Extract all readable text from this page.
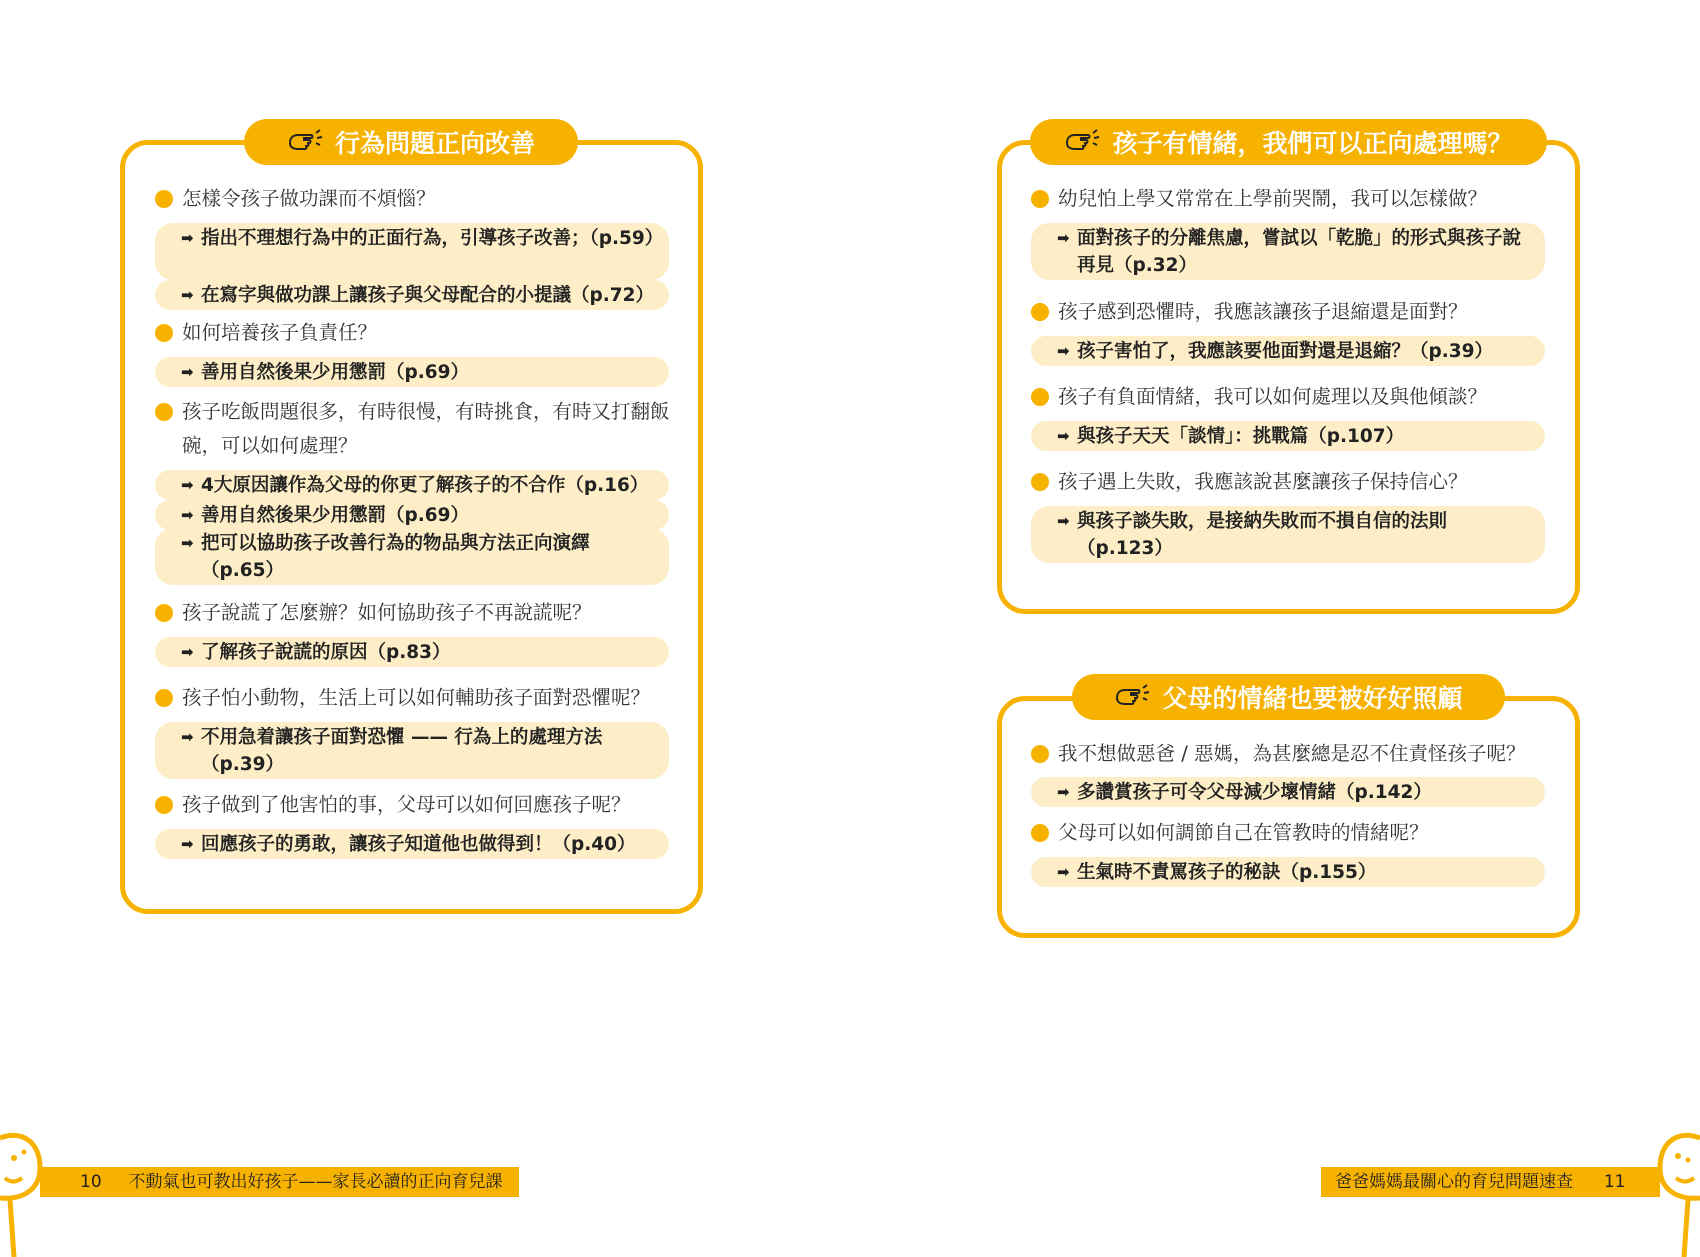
行為問題正向改善
怎樣令孩子做功課而不煩惱？
➡ 指出不理想行為中的正面行為，引導孩子改善；（p.59）
➡ 在寫字與做功課上讓孩子與父母配合的小提議（p.72）
如何培養孩子負責任？
➡ 善用自然後果少用懲罰（p.69）
孩子吃飯問題很多，有時很慢，有時挑食，有時又打翻飯碗，可以如何處理？
➡ 4大原因讓作為父母的你更了解孩子的不合作（p.16）
➡ 善用自然後果少用懲罰（p.69）
➡ 把可以協助孩子改善行為的物品與方法正向演繹（p.65）
孩子說謊了怎麼辦？如何協助孩子不再說謊呢？
➡ 了解孩子說謊的原因（p.83）
孩子怕小動物，生活上可以如何輔助孩子面對恐懼呢？
➡ 不用急着讓孩子面對恐懼 —— 行為上的處理方法（p.39）
孩子做到了他害怕的事，父母可以如何回應孩子呢？
➡ 回應孩子的勇敢，讓孩子知道他也做得到！（p.40）
孩子有情緒，我們可以正向處理嗎？
幼兒怕上學又常常在上學前哭鬧，我可以怎樣做？
➡ 面對孩子的分離焦慮，嘗試以「乾脆」的形式與孩子說再見（p.32）
孩子感到恐懼時，我應該讓孩子退縮還是面對？
➡ 孩子害怕了，我應該要他面對還是退縮？（p.39）
孩子有負面情緒，我可以如何處理以及與他傾談？
➡ 與孩子天天「談情」：挑戰篇（p.107）
孩子遇上失敗，我應該說甚麼讓孩子保持信心？
➡ 與孩子談失敗，是接納失敗而不損自信的法則（p.123）
父母的情緒也要被好好照顧
我不想做惡爸 / 惡媽，為甚麼總是忍不住責怪孩子呢？
➡ 多讚賞孩子可令父母減少壞情緒（p.142）
父母可以如何調節自己在管教時的情緒呢？
➡ 生氣時不責罵孩子的秘訣（p.155）
10 不動氣也可教出好孩子——家長必讀的正向育兒課	爸爸媽媽最關心的育兒問題速查 11
